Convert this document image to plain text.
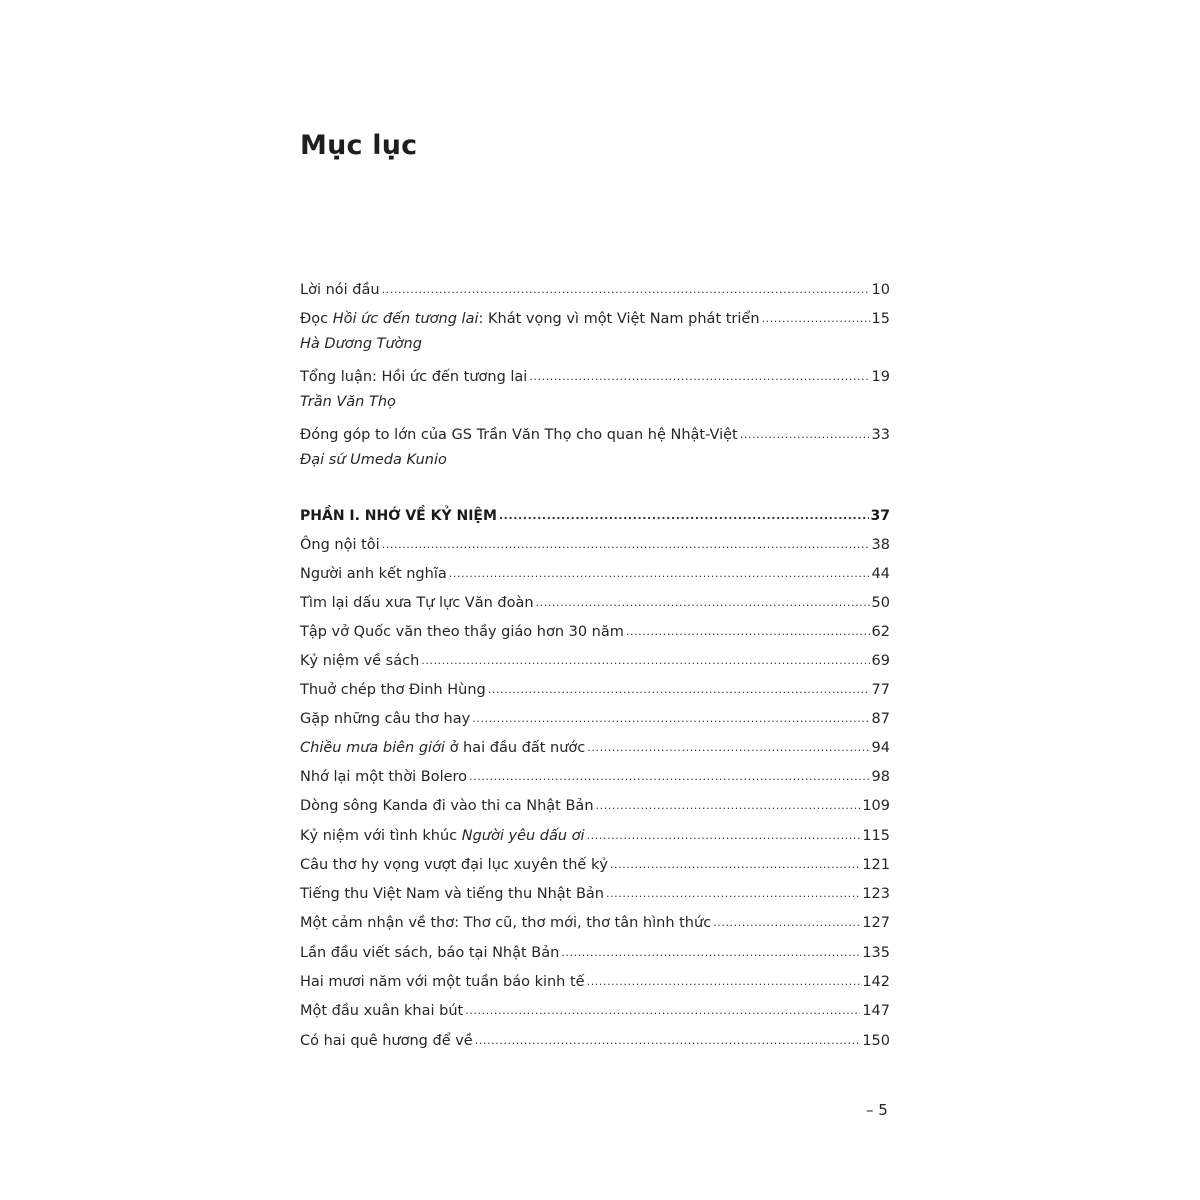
Mục lục
Lời nói đầu .....	10
Đọc Hồi ức đến tương lai: Khát vọng vì một Việt Nam phát triển .....	15
Hà Dương Tường
Tổng luận: Hồi ức đến tương lai .....	19
Trần Văn Thọ
Đóng góp to lớn của GS Trần Văn Thọ cho quan hệ Nhật-Việt .....	33
Đại sứ Umeda Kunio
PHẦN I. NHỚ VỀ KỶ NIỆM .....	37
Ông nội tôi .....	38
Người anh kết nghĩa .....	44
Tìm lại dấu xưa Tự lực Văn đoàn .....	50
Tập vở Quốc văn theo thầy giáo hơn 30 năm .....	62
Kỷ niệm về sách .....	69
Thuở chép thơ Đinh Hùng .....	77
Gặp những câu thơ hay .....	87
Chiều mưa biên giới ở hai đầu đất nước .....	94
Nhớ lại một thời Bolero .....	98
Dòng sông Kanda đi vào thi ca Nhật Bản .....	109
Kỷ niệm với tình khúc Người yêu dấu ơi .....	115
Câu thơ hy vọng vượt đại lục xuyên thế kỷ .....	121
Tiếng thu Việt Nam và tiếng thu Nhật Bản .....	123
Một cảm nhận về thơ: Thơ cũ, thơ mới, thơ tân hình thức .....	127
Lần đầu viết sách, báo tại Nhật Bản .....	135
Hai mươi năm với một tuần báo kinh tế .....	142
Một đầu xuân khai bút .....	147
Có hai quê hương để về .....	150
– 5
